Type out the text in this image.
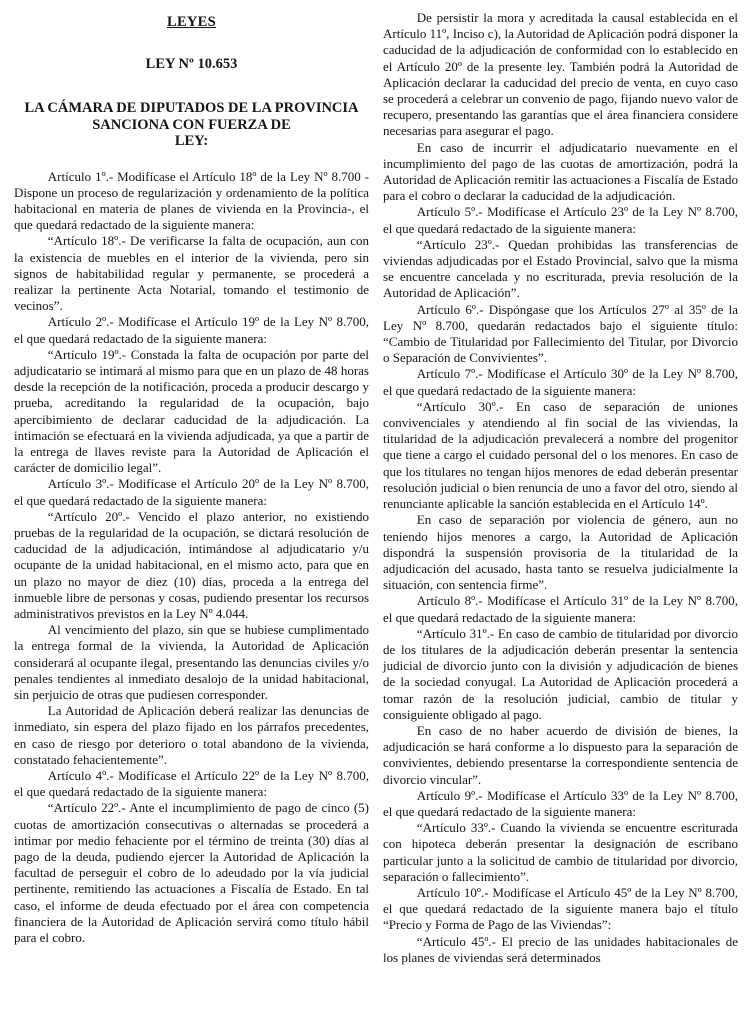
LEYES
LEY Nº 10.653
LA CÁMARA DE DIPUTADOS DE LA PROVINCIA
SANCIONA CON FUERZA DE
LEY:

Artículo 1º.- Modifícase el Artículo 18º de la Ley Nº 8.700 -Dispone un proceso de regularización y ordenamiento de la política habitacional en materia de planes de vivienda en la Provincia-, el que quedará redactado de la siguiente manera:

“Artículo 18º.- De verificarse la falta de ocupación, aun con la existencia de muebles en el interior de la vivienda, pero sin signos de habitabilidad regular y permanente, se procederá a realizar la pertinente Acta Notarial, tomando el testimonio de vecinos”.

Artículo 2º.- Modifícase el Artículo 19º de la Ley Nº 8.700, el que quedará redactado de la siguiente manera:

“Artículo 19º.- Constada la falta de ocupación por parte del adjudicatario se intimará al mismo para que en un plazo de 48 horas desde la recepción de la notificación, proceda a producir descargo y prueba, acreditando la regularidad de la ocupación, bajo apercibimiento de declarar caducidad de la adjudicación. La intimación se efectuará en la vivienda adjudicada, ya que a partir de la entrega de llaves reviste para la Autoridad de Aplicación el carácter de domicilio legal”.

Artículo 3º.- Modifícase el Artículo 20º de la Ley Nº 8.700, el que quedará redactado de la siguiente manera:

“Artículo 20º.- Vencido el plazo anterior, no existiendo pruebas de la regularidad de la ocupación, se dictará resolución de caducidad de la adjudicación, intimándose al adjudicatario y/u ocupante de la unidad habitacional, en el mismo acto, para que en un plazo no mayor de diez (10) días, proceda a la entrega del inmueble libre de personas y cosas, pudiendo presentar los recursos administrativos previstos en la Ley Nº 4.044.

Al vencimiento del plazo, sin que se hubiese cumplimentado la entrega formal de la vivienda, la Autoridad de Aplicación considerará al ocupante ilegal, presentando las denuncias civiles y/o penales tendientes al inmediato desalojo de la unidad habitacional, sin perjuicio de otras que pudiesen corresponder.

La Autoridad de Aplicación deberá realizar las denuncias de inmediato, sin espera del plazo fijado en los párrafos precedentes, en caso de riesgo por deterioro o total abandono de la vivienda, constatado fehacientemente”.

Artículo 4º.- Modifícase el Artículo 22º de la Ley Nº 8.700, el que quedará redactado de la siguiente manera:

“Artículo 22º.- Ante el incumplimiento de pago de cinco (5) cuotas de amortización consecutivas o alternadas se procederá a intimar por medio fehaciente por el término de treinta (30) días al pago de la deuda, pudiendo ejercer la Autoridad de Aplicación la facultad de perseguir el cobro de lo adeudado por la vía judicial pertinente, remitiendo las actuaciones a Fiscalía de Estado. En tal caso, el informe de deuda efectuado por el área con competencia financiera de la Autoridad de Aplicación servirá como título hábil para el cobro.

De persistir la mora y acreditada la causal establecida en el Artículo 11º, Inciso c), la Autoridad de Aplicación podrá disponer la caducidad de la adjudicación de conformidad con lo establecido en el Artículo 20º de la presente ley. También podrá la Autoridad de Aplicación declarar la caducidad del precio de venta, en cuyo caso se procederá a celebrar un convenio de pago, fijando nuevo valor de recupero, presentando las garantías que el área financiera considere necesarias para asegurar el pago.

En caso de incurrir el adjudicatario nuevamente en el incumplimiento del pago de las cuotas de amortización, podrá la Autoridad de Aplicación remitir las actuaciones a Fiscalía de Estado para el cobro o declarar la caducidad de la adjudicación.

Artículo 5º.- Modifícase el Artículo 23º de la Ley Nº 8.700, el que quedará redactado de la siguiente manera:

“Artículo 23º.- Quedan prohibidas las transferencias de viviendas adjudicadas por el Estado Provincial, salvo que la misma se encuentre cancelada y no escriturada, previa resolución de la Autoridad de Aplicación”.

Artículo 6º.- Dispóngase que los Artículos 27º al 35º de la Ley Nº 8.700, quedarán redactados bajo el siguiente título: “Cambio de Titularidad por Fallecimiento del Titular, por Divorcio o Separación de Convivientes”.

Artículo 7º.- Modifícase el Artículo 30º de la Ley Nº 8.700, el que quedará redactado de la siguiente manera:

“Artículo 30º.- En caso de separación de uniones convivenciales y atendiendo al fin social de las viviendas, la titularidad de la adjudicación prevalecerá a nombre del progenitor que tiene a cargo el cuidado personal del o los menores. En caso de que los titulares no tengan hijos menores de edad deberán presentar resolución judicial o bien renuncia de uno a favor del otro, siendo al renunciante aplicable la sanción establecida en el Artículo 14º.

En caso de separación por violencia de género, aun no teniendo hijos menores a cargo, la Autoridad de Aplicación dispondrá la suspensión provisoria de la titularidad de la adjudicación del acusado, hasta tanto se resuelva judicialmente la situación, con sentencia firme”.

Artículo 8º.- Modifícase el Artículo 31º de la Ley Nº 8.700, el que quedará redactado de la siguiente manera:

“Artículo 31º.- En caso de cambio de titularidad por divorcio de los titulares de la adjudicación deberán presentar la sentencia judicial de divorcio junto con la división y adjudicación de bienes de la sociedad conyugal. La Autoridad de Aplicación procederá a tomar razón de la resolución judicial, cambio de titular y consiguiente obligado al pago.

En caso de no haber acuerdo de división de bienes, la adjudicación se hará conforme a lo dispuesto para la separación de convivientes, debiendo presentarse la correspondiente sentencia de divorcio vincular”.

Artículo 9º.- Modifícase el Artículo 33º de la Ley Nº 8.700, el que quedará redactado de la siguiente manera:

“Artículo 33º.- Cuando la vivienda se encuentre escriturada con hipoteca deberán presentar la designación de escribano particular junto a la solicitud de cambio de titularidad por divorcio, separación o fallecimiento”.

Artículo 10º.- Modifícase el Artículo 45º de la Ley Nº 8.700, el que quedará redactado de la siguiente manera bajo el título “Precio y Forma de Pago de las Viviendas”:

“Artículo 45º.- El precio de las unidades habitacionales de los planes de viviendas será determinados
